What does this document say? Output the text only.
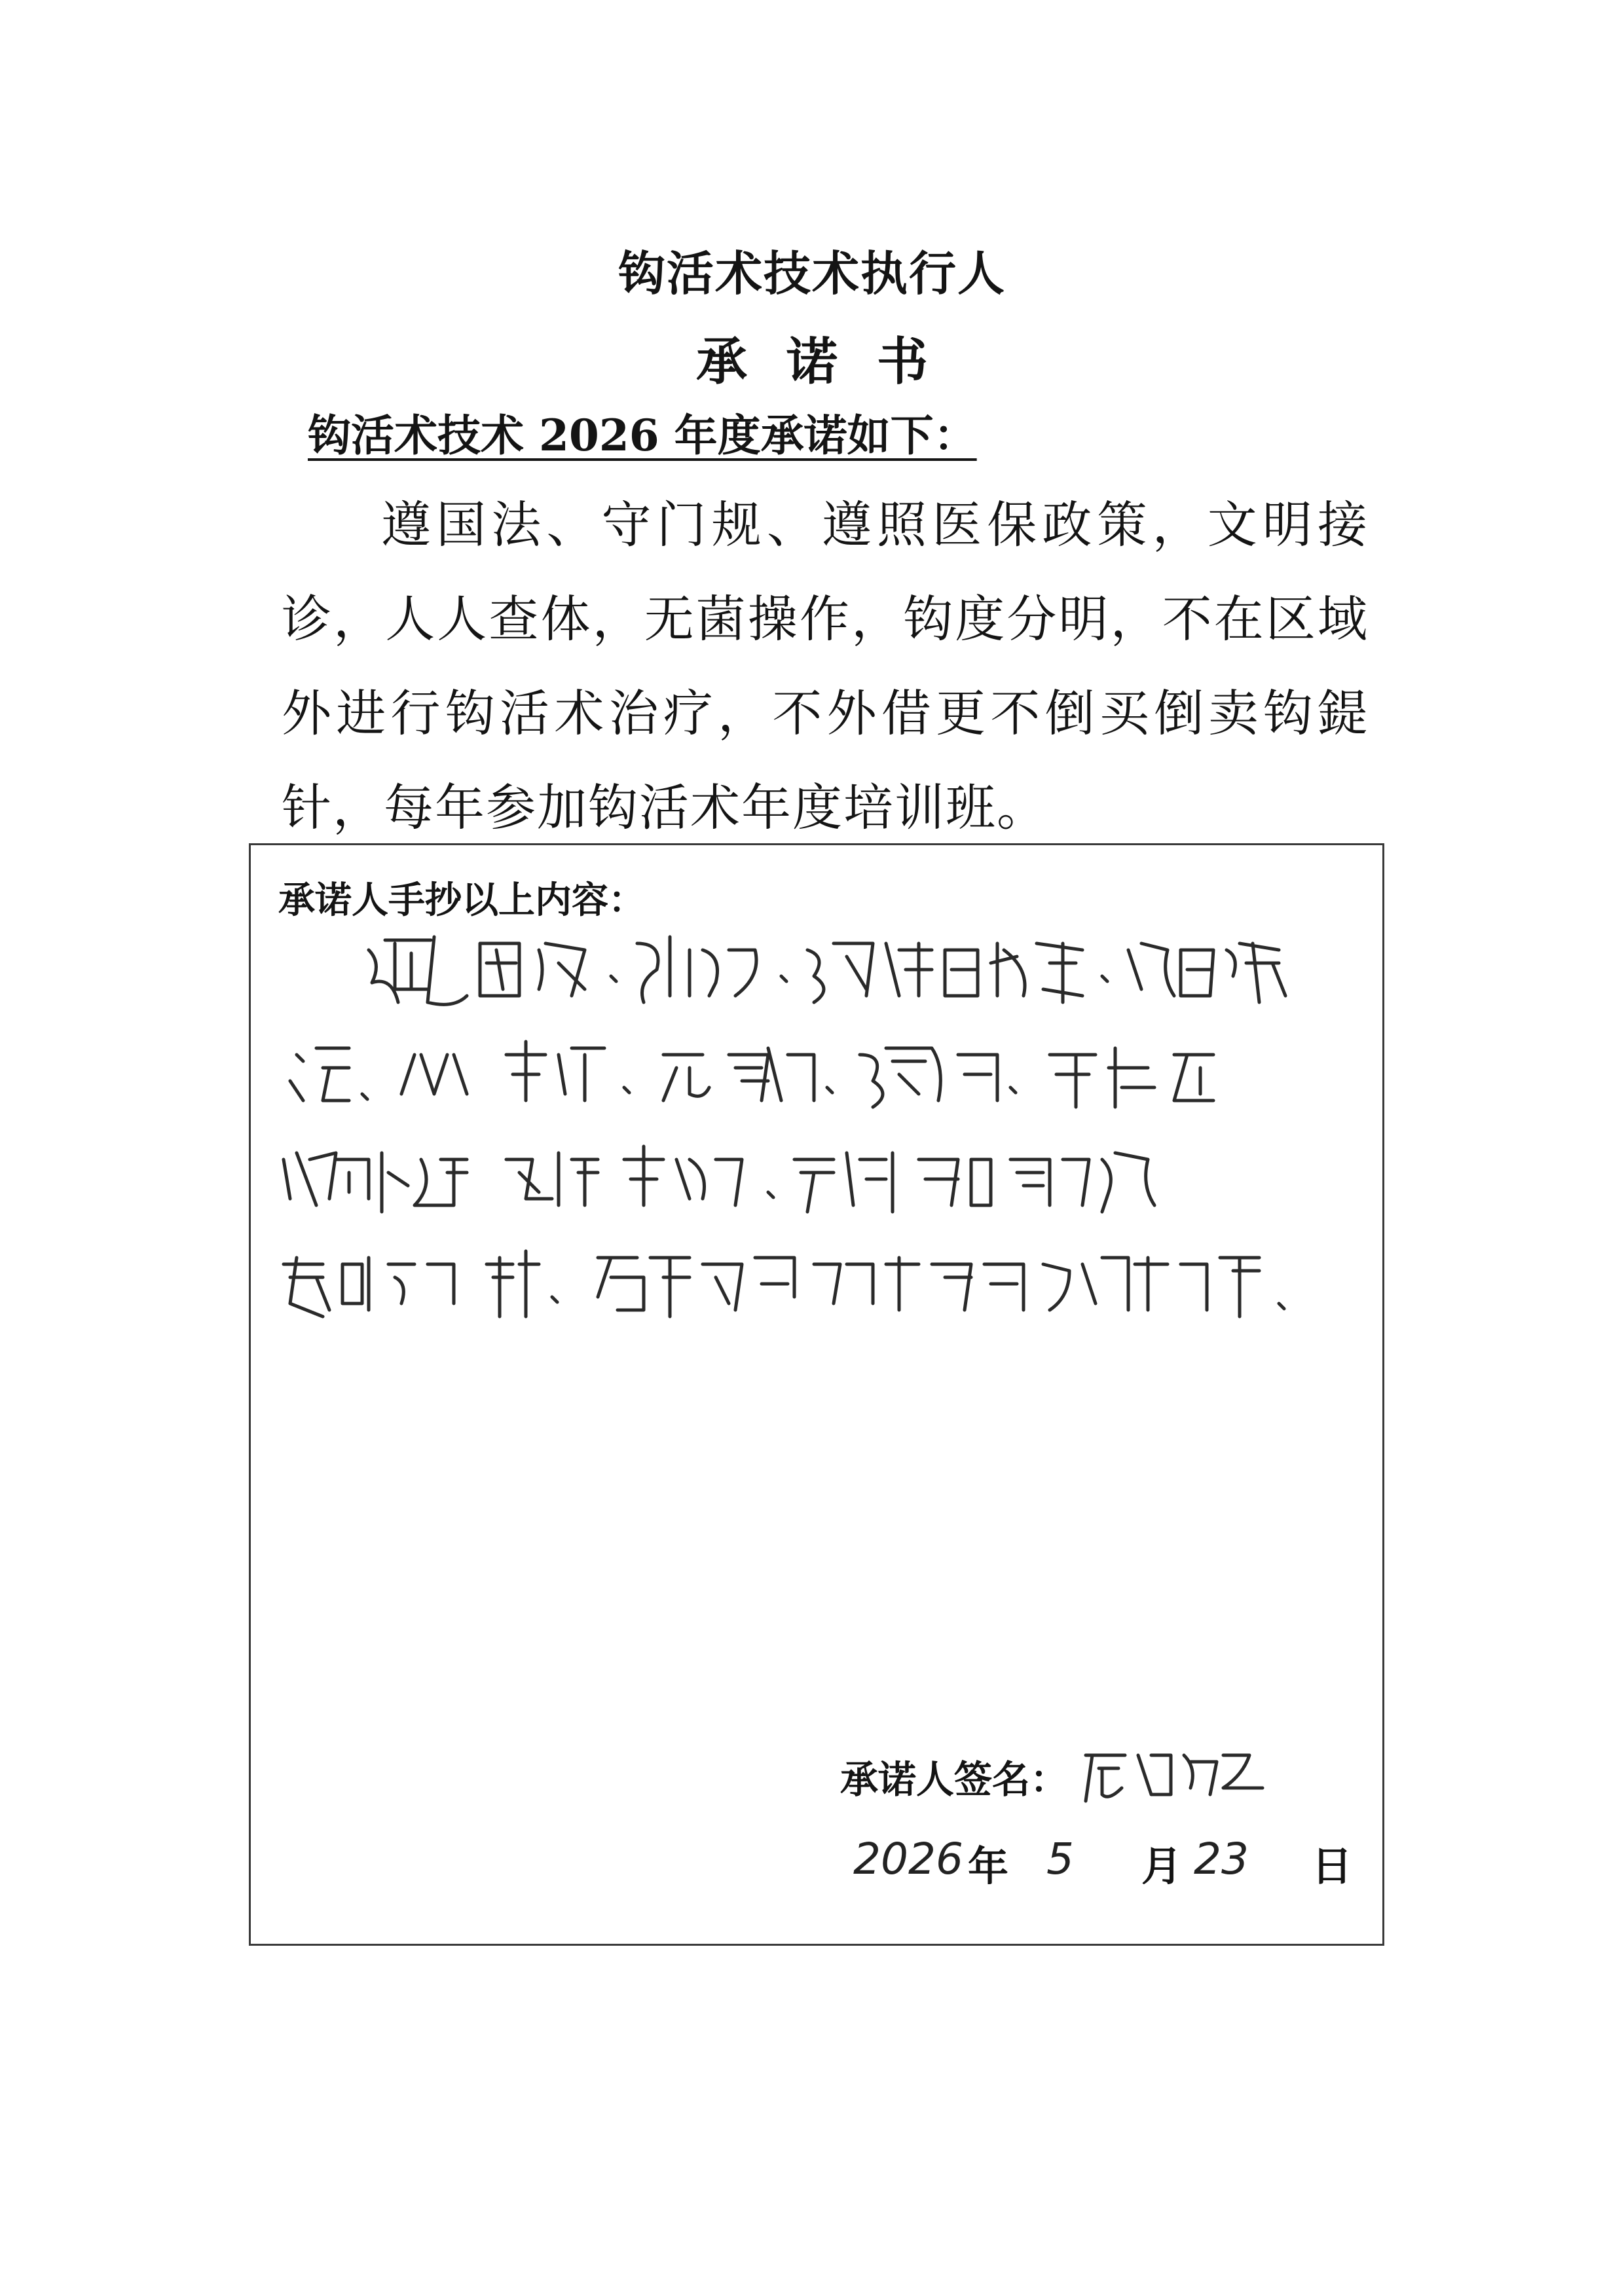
钩活术技术执行人
承诺书
钩活术技术 2026 年度承诺如下：
遵国法、守门规、遵照医保政策，文明接诊，人人查体，无菌操作，钩度分明，不在区域外进行钩活术治疗，不外借更不倒买倒卖钩鍉针，每年参加钩活术年度培训班。
承诺人手抄以上内容：
承诺人签名：
2026 年 5 月 23 日
